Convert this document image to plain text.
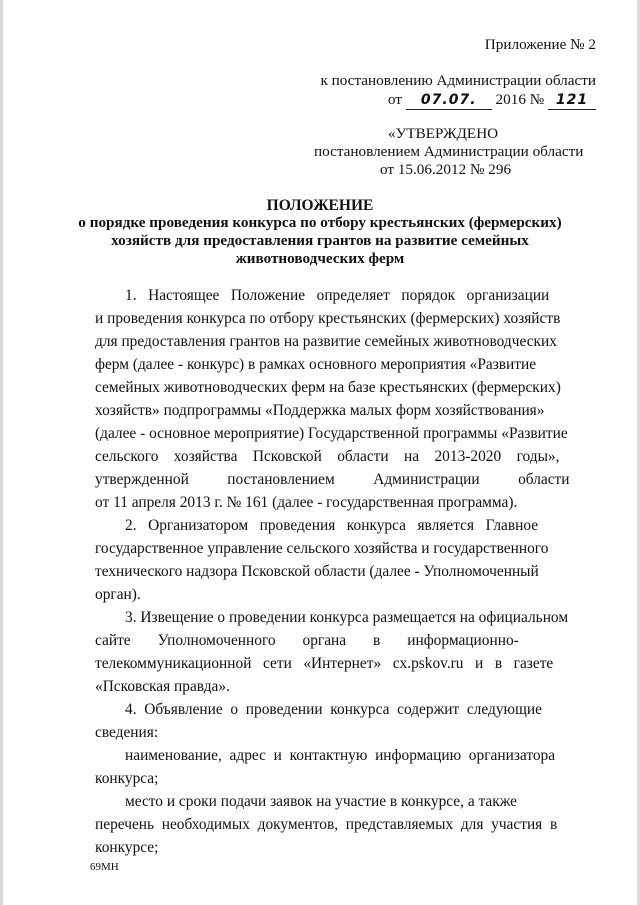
Приложение № 2
к постановлению Администрации области
от 07.07. 2016 № 121
«УТВЕРЖДЕНО
постановлением Администрации области
от 15.06.2012 № 296
ПОЛОЖЕНИЕ
о порядке проведения конкурса по отбору крестьянских (фермерских)
хозяйств для предоставления грантов на развитие семейных
животноводческих ферм
1.   Настоящее   Положение   определяет   порядок   организации
и проведения конкурса по отбору крестьянских (фермерских) хозяйств
для предоставления грантов на развитие семейных животноводческих
ферм (далее - конкурс) в рамках основного мероприятия «Развитие
семейных животноводческих ферм на базе крестьянских (фермерских)
хозяйств» подпрограммы «Поддержка малых форм хозяйствования»
(далее - основное мероприятие) Государственной программы «Развитие
сельского    хозяйства    Псковской    области    на    2013-2020    годы»,
утвержденной          постановлением          Администрации          области
от 11 апреля 2013 г. № 161 (далее - государственная программа).
2.   Организатором   проведения   конкурса   является   Главное
государственное управление сельского хозяйства и государственного
технического надзора Псковской области (далее - Уполномоченный
орган).
3. Извещение о проведении конкурса размещается на официальном
сайте       Уполномоченного       органа       в       информационно-
телекоммуникационной   сети   «Интернет»   cx.pskov.ru   и   в   газете
«Псковская правда».
4.  Объявление  о  проведении  конкурса  содержит  следующие
сведения:
наименование,  адрес  и  контактную  информацию  организатора
конкурса;
место и сроки подачи заявок на участие в конкурсе, а также
перечень  необходимых  документов,  представляемых  для  участия  в
конкурсе;
69МН
